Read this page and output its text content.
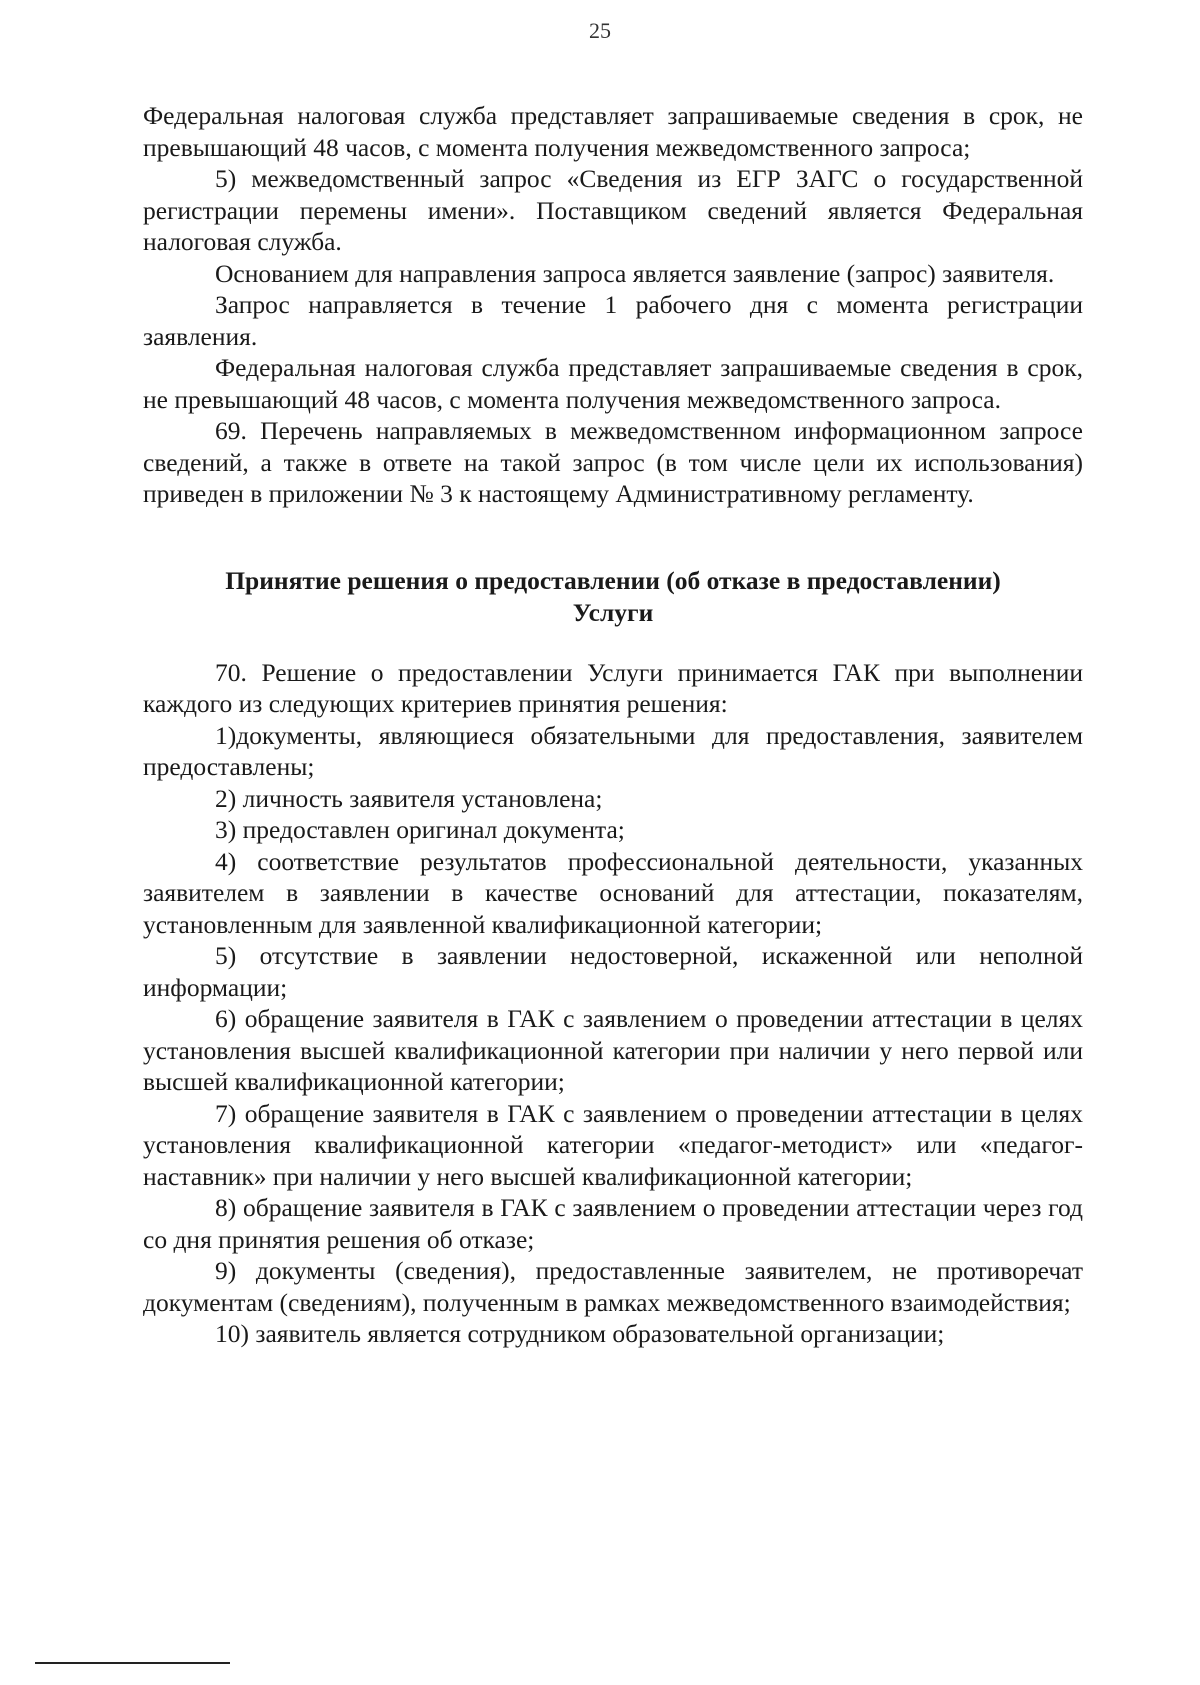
25

Федеральная налоговая служба представляет запрашиваемые сведения в срок, не превышающий 48 часов, с момента получения межведомственного запроса;

5) межведомственный запрос «Сведения из ЕГР ЗАГС о государственной регистрации перемены имени». Поставщиком сведений является Федеральная налоговая служба.

Основанием для направления запроса является заявление (запрос) заявителя.

Запрос направляется в течение 1 рабочего дня с момента регистрации заявления.

Федеральная налоговая служба представляет запрашиваемые сведения в срок, не превышающий 48 часов, с момента получения межведомственного запроса.

69. Перечень направляемых в межведомственном информационном запросе сведений, а также в ответе на такой запрос (в том числе цели их использования) приведен в приложении № 3 к настоящему Административному регламенту.

Принятие решения о предоставлении (об отказе в предоставлении)
Услуги

70. Решение о предоставлении Услуги принимается ГАК при выполнении каждого из следующих критериев принятия решения:

1)документы, являющиеся обязательными для предоставления, заявителем предоставлены;

2) личность заявителя установлена;

3) предоставлен оригинал документа;

4) соответствие результатов профессиональной деятельности, указанных заявителем в заявлении в качестве оснований для аттестации, показателям, установленным для заявленной квалификационной категории;

5) отсутствие в заявлении недостоверной, искаженной или неполной информации;

6) обращение заявителя в ГАК с заявлением о проведении аттестации в целях установления высшей квалификационной категории при наличии у него первой или высшей квалификационной категории;

7) обращение заявителя в ГАК с заявлением о проведении аттестации в целях установления квалификационной категории «педагог-методист» или «педагог-наставник» при наличии у него высшей квалификационной категории;

8) обращение заявителя в ГАК с заявлением о проведении аттестации через год со дня принятия решения об отказе;

9) документы (сведения), предоставленные заявителем, не противоречат документам (сведениям), полученным в рамках межведомственного взаимодействия;

10) заявитель является сотрудником образовательной организации;
